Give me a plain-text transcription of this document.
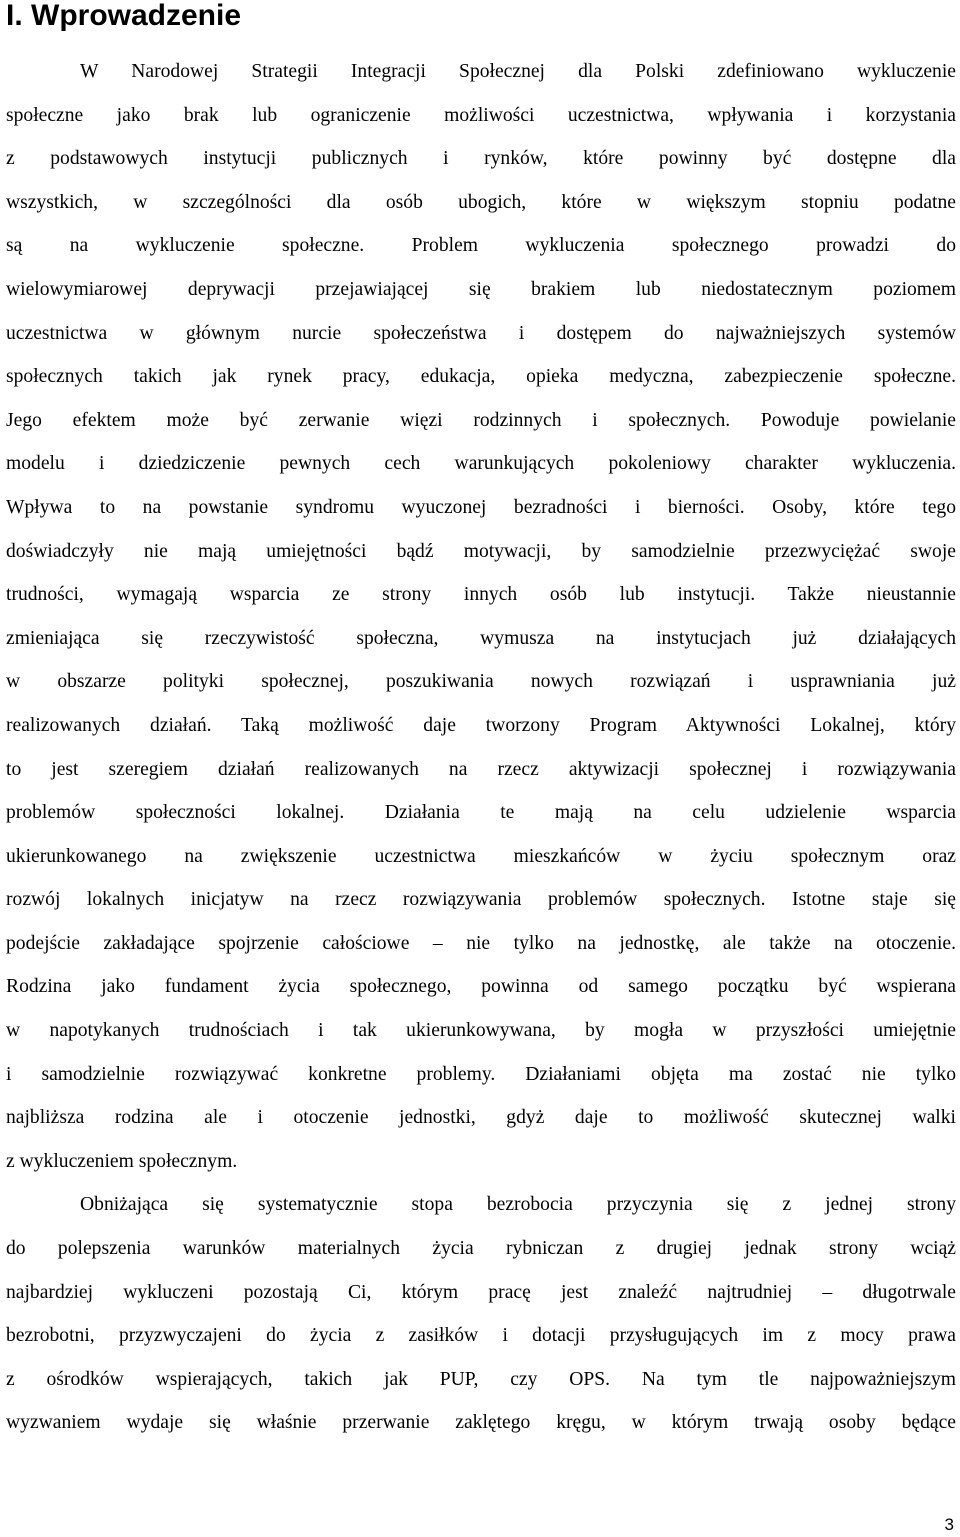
I. Wprowadzenie
W Narodowej Strategii Integracji Społecznej dla Polski zdefiniowano wykluczenie
społeczne jako brak lub ograniczenie możliwości uczestnictwa, wpływania i korzystania
z podstawowych instytucji publicznych i rynków, które powinny być dostępne dla
wszystkich, w szczególności dla osób ubogich, które w większym stopniu podatne
są na wykluczenie społeczne. Problem wykluczenia społecznego prowadzi do
wielowymiarowej deprywacji przejawiającej się brakiem lub niedostatecznym poziomem
uczestnictwa w głównym nurcie społeczeństwa i dostępem do najważniejszych systemów
społecznych takich jak rynek pracy, edukacja, opieka medyczna, zabezpieczenie społeczne.
Jego efektem może być zerwanie więzi rodzinnych i społecznych. Powoduje powielanie
modelu i dziedziczenie pewnych cech warunkujących pokoleniowy charakter wykluczenia.
Wpływa to na powstanie syndromu wyuczonej bezradności i bierności. Osoby, które tego
doświadczyły nie mają umiejętności bądź motywacji, by samodzielnie przezwyciężać swoje
trudności, wymagają wsparcia ze strony innych osób lub instytucji. Także nieustannie
zmieniająca się rzeczywistość społeczna, wymusza na instytucjach już działających
w obszarze polityki społecznej, poszukiwania nowych rozwiązań i usprawniania już
realizowanych działań. Taką możliwość daje tworzony Program Aktywności Lokalnej, który
to jest szeregiem działań realizowanych na rzecz aktywizacji społecznej i rozwiązywania
problemów społeczności lokalnej. Działania te mają na celu udzielenie wsparcia
ukierunkowanego na zwiększenie uczestnictwa mieszkańców w życiu społecznym oraz
rozwój lokalnych inicjatyw na rzecz rozwiązywania problemów społecznych. Istotne staje się
podejście zakładające spojrzenie całościowe – nie tylko na jednostkę, ale także na otoczenie.
Rodzina jako fundament życia społecznego, powinna od samego początku być wspierana
w napotykanych trudnościach i tak ukierunkowywana, by mogła w przyszłości umiejętnie
i samodzielnie rozwiązywać konkretne problemy. Działaniami objęta ma zostać nie tylko
najbliższa rodzina ale i otoczenie jednostki, gdyż daje to możliwość skutecznej walki
z wykluczeniem społecznym.
Obniżająca się systematycznie stopa bezrobocia przyczynia się z jednej strony
do polepszenia warunków materialnych życia rybniczan z drugiej jednak strony wciąż
najbardziej wykluczeni pozostają Ci, którym pracę jest znaleźć najtrudniej – długotrwale
bezrobotni, przyzwyczajeni do życia z zasiłków i dotacji przysługujących im z mocy prawa
z ośrodków wspierających, takich jak PUP, czy OPS. Na tym tle najpoważniejszym
wyzwaniem wydaje się właśnie przerwanie zaklętego kręgu, w którym trwają osoby będące
3
